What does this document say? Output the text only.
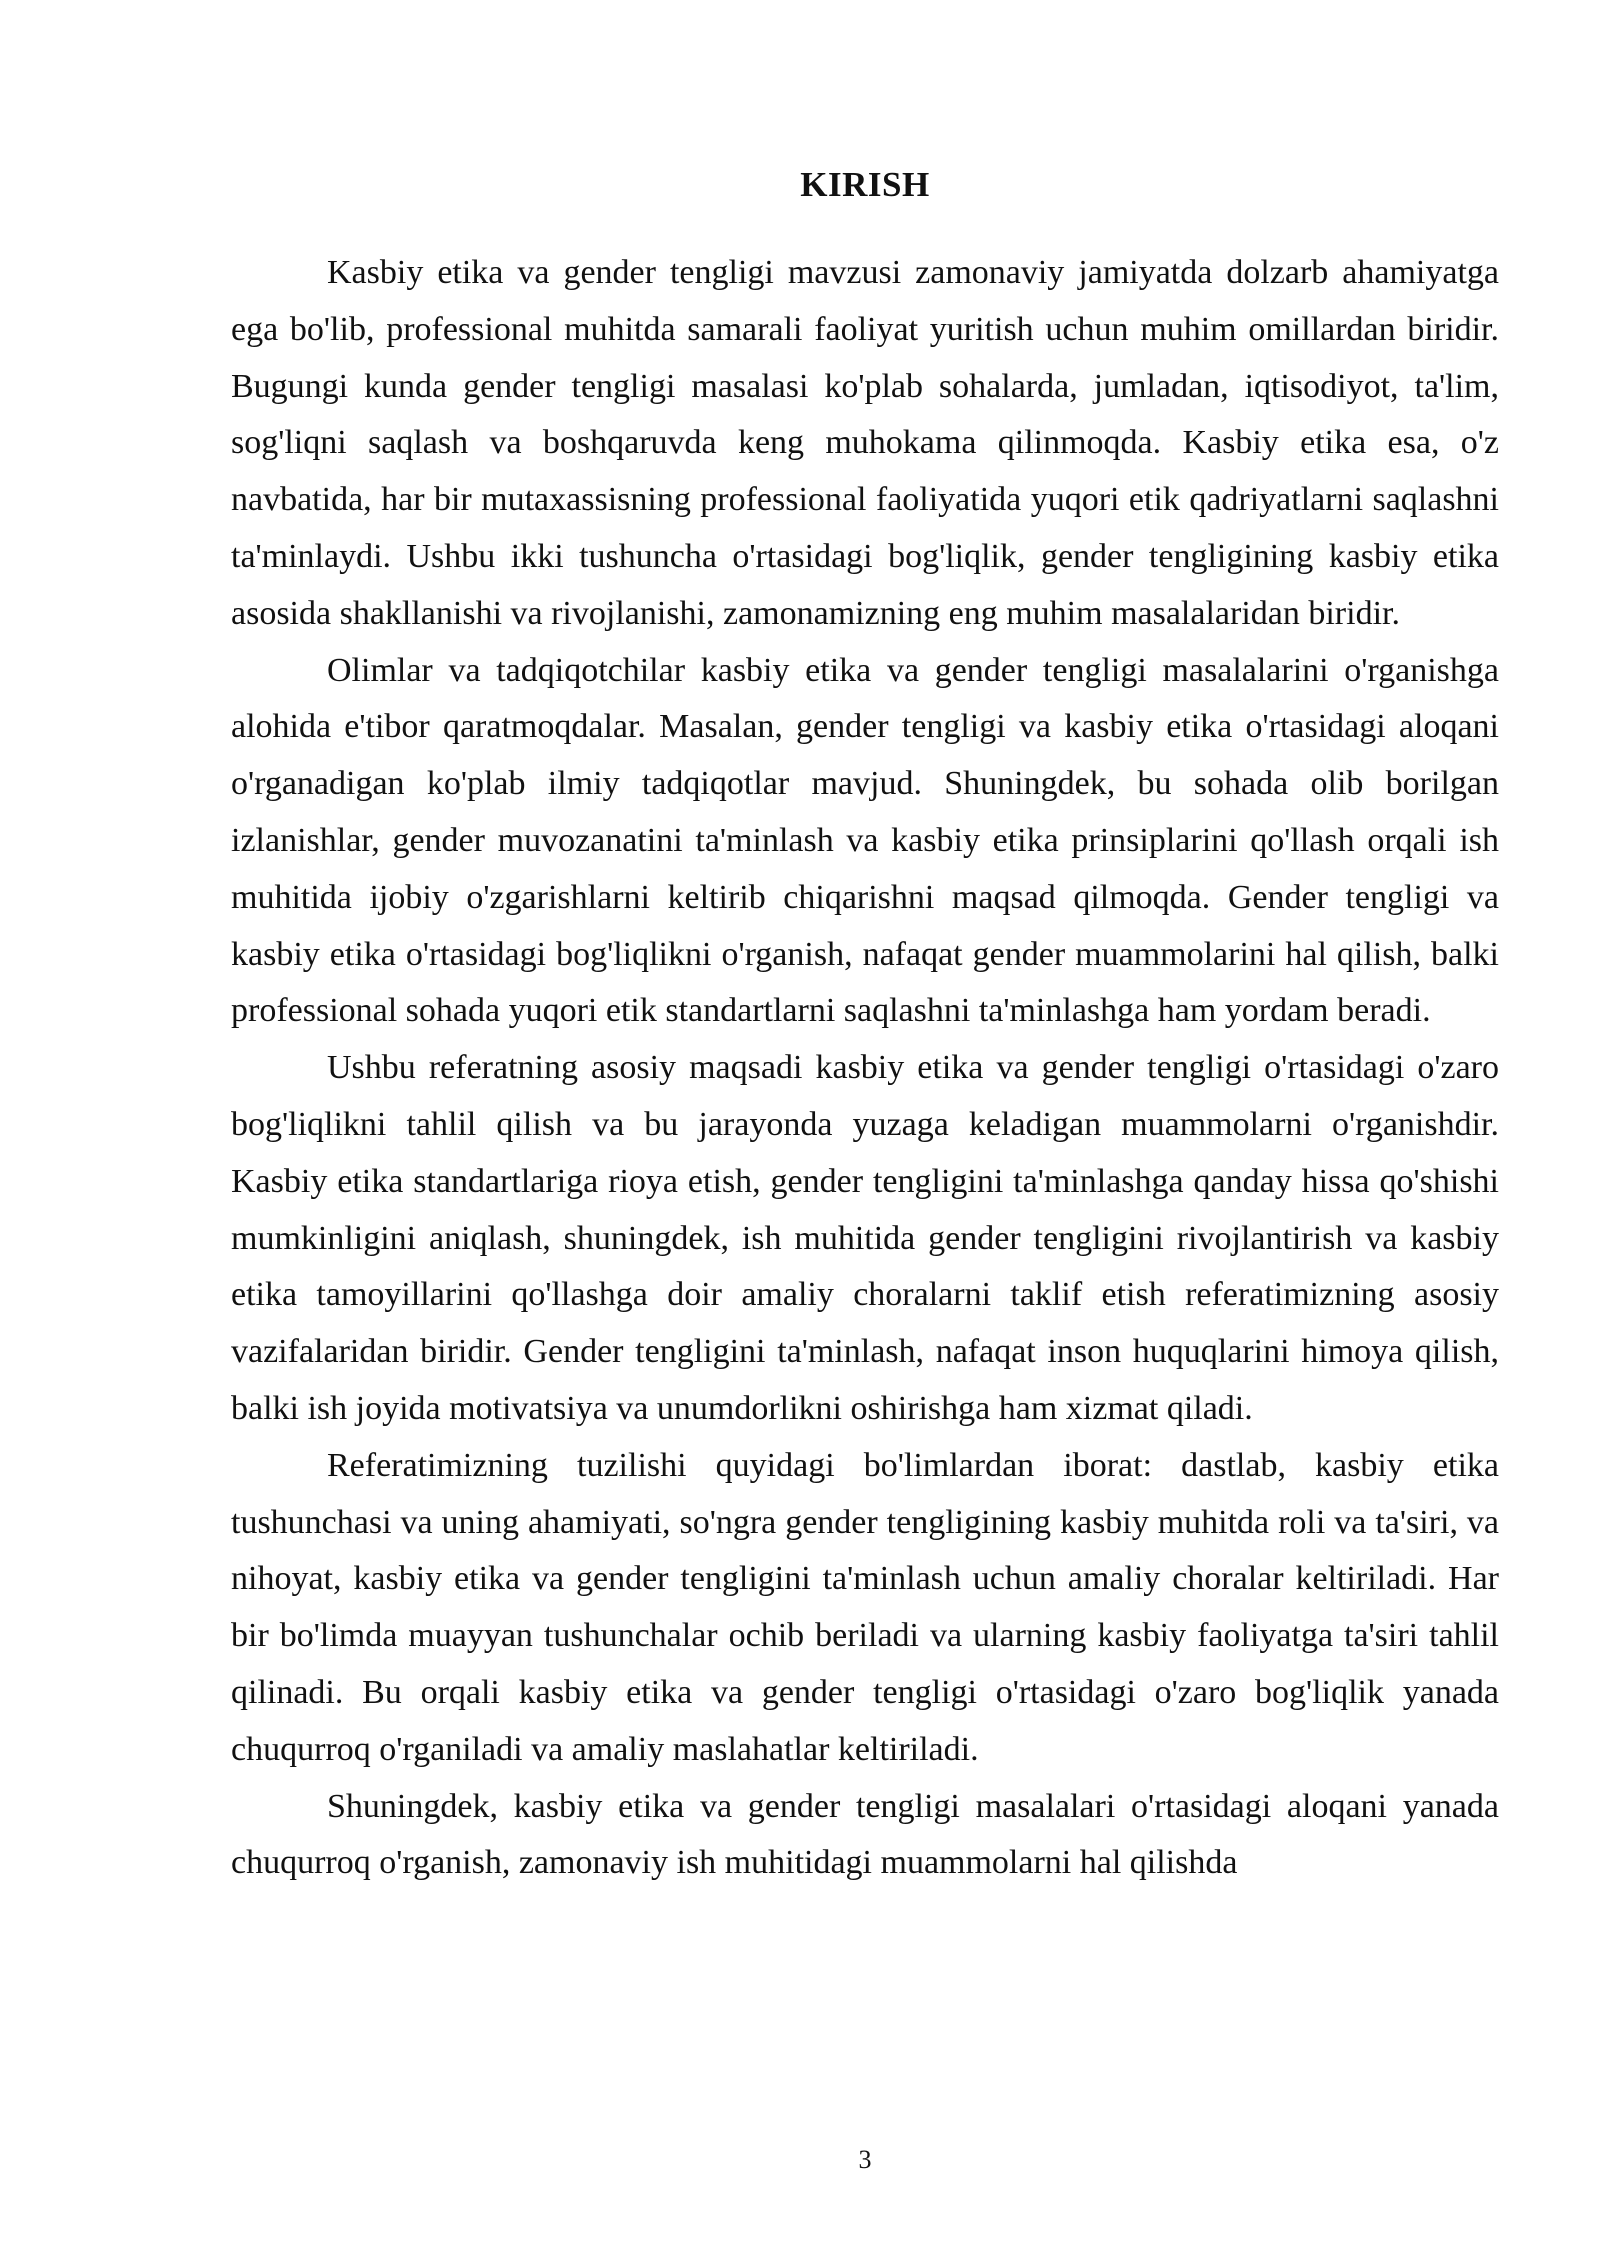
KIRISH

Kasbiy etika va gender tengligi mavzusi zamonaviy jamiyatda dolzarb ahamiyatga ega bo'lib, professional muhitda samarali faoliyat yuritish uchun muhim omillardan biridir. Bugungi kunda gender tengligi masalasi ko'plab sohalarda, jumladan, iqtisodiyot, ta'lim, sog'liqni saqlash va boshqaruvda keng muhokama qilinmoqda. Kasbiy etika esa, o'z navbatida, har bir mutaxassisning professional faoliyatida yuqori etik qadriyatlarni saqlashni ta'minlaydi. Ushbu ikki tushuncha o'rtasidagi bog'liqlik, gender tengligining kasbiy etika asosida shakllanishi va rivojlanishi, zamonamizning eng muhim masalalaridan biridir.

Olimlar va tadqiqotchilar kasbiy etika va gender tengligi masalalarini o'rganishga alohida e'tibor qaratmoqdalar. Masalan, gender tengligi va kasbiy etika o'rtasidagi aloqani o'rganadigan ko'plab ilmiy tadqiqotlar mavjud. Shuningdek, bu sohada olib borilgan izlanishlar, gender muvozanatini ta'minlash va kasbiy etika prinsiplarini qo'llash orqali ish muhitida ijobiy o'zgarishlarni keltirib chiqarishni maqsad qilmoqda. Gender tengligi va kasbiy etika o'rtasidagi bog'liqlikni o'rganish, nafaqat gender muammolarini hal qilish, balki professional sohada yuqori etik standartlarni saqlashni ta'minlashga ham yordam beradi.

Ushbu referatning asosiy maqsadi kasbiy etika va gender tengligi o'rtasidagi o'zaro bog'liqlikni tahlil qilish va bu jarayonda yuzaga keladigan muammolarni o'rganishdir. Kasbiy etika standartlariga rioya etish, gender tengligini ta'minlashga qanday hissa qo'shishi mumkinligini aniqlash, shuningdek, ish muhitida gender tengligini rivojlantirish va kasbiy etika tamoyillarini qo'llashga doir amaliy choralarni taklif etish referatimizning asosiy vazifalaridan biridir. Gender tengligini ta'minlash, nafaqat inson huquqlarini himoya qilish, balki ish joyida motivatsiya va unumdorlikni oshirishga ham xizmat qiladi.

Referatimizning tuzilishi quyidagi bo'limlardan iborat: dastlab, kasbiy etika tushunchasi va uning ahamiyati, so'ngra gender tengligining kasbiy muhitda roli va ta'siri, va nihoyat, kasbiy etika va gender tengligini ta'minlash uchun amaliy choralar keltiriladi. Har bir bo'limda muayyan tushunchalar ochib beriladi va ularning kasbiy faoliyatga ta'siri tahlil qilinadi. Bu orqali kasbiy etika va gender tengligi o'rtasidagi o'zaro bog'liqlik yanada chuqurroq o'rganiladi va amaliy maslahatlar keltiriladi.

Shuningdek, kasbiy etika va gender tengligi masalalari o'rtasidagi aloqani yanada chuqurroq o'rganish, zamonaviy ish muhitidagi muammolarni hal qilishda

3
